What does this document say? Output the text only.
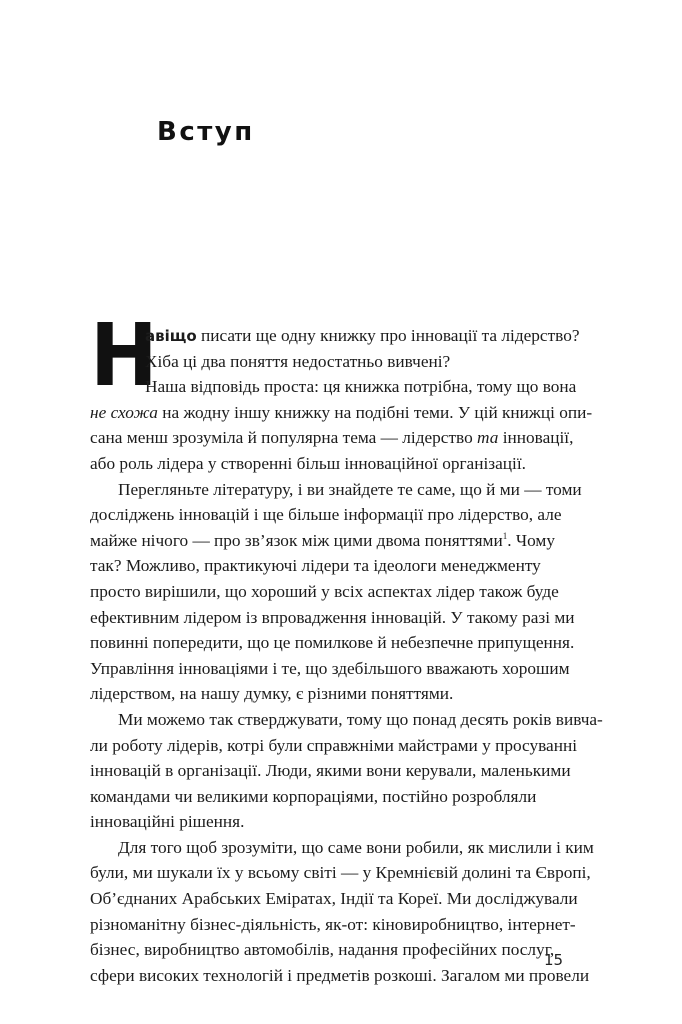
Вступ
Н
авіщо писати ще одну книжку про інновації та лідерство?
Хіба ці два поняття недостатньо вивчені?
Наша відповідь проста: ця книжка потрібна, тому що вона
не схожа на жодну іншу книжку на подібні теми. У цій книжці опи-
сана менш зрозуміла й популярна тема — лідерство та інновації,
або роль лідера у створенні більш інноваційної організації.
Перегляньте літературу, і ви знайдете те саме, що й ми — томи
досліджень інновацій і ще більше інформації про лідерство, але
майже нічого — про зв’язок між цими двома поняттями$^1$. Чому
так? Можливо, практикуючі лідери та ідеологи менеджменту
просто вирішили, що хороший у всіх аспектах лідер також буде
ефективним лідером із впровадження інновацій. У такому разі ми
повинні попередити, що це помилкове й небезпечне припущення.
Управління інноваціями і те, що здебільшого вважають хорошим
лідерством, на нашу думку, є різними поняттями.
Ми можемо так стверджувати, тому що понад десять років вивча-
ли роботу лідерів, котрі були справжніми майстрами у просуванні
інновацій в організації. Люди, якими вони керували, маленькими
командами чи великими корпораціями, постійно розробляли
інноваційні рішення.
Для того щоб зрозуміти, що саме вони робили, як мислили і ким
були, ми шукали їх у всьому світі — у Кремнієвій долині та Європі,
Об’єднаних Арабських Еміратах, Індії та Кореї. Ми досліджували
різноманітну бізнес-діяльність, як-от: кіновиробництво, інтернет-
бізнес, виробництво автомобілів, надання професійних послуг,
сфери високих технологій і предметів розкоші. Загалом ми провели
15
